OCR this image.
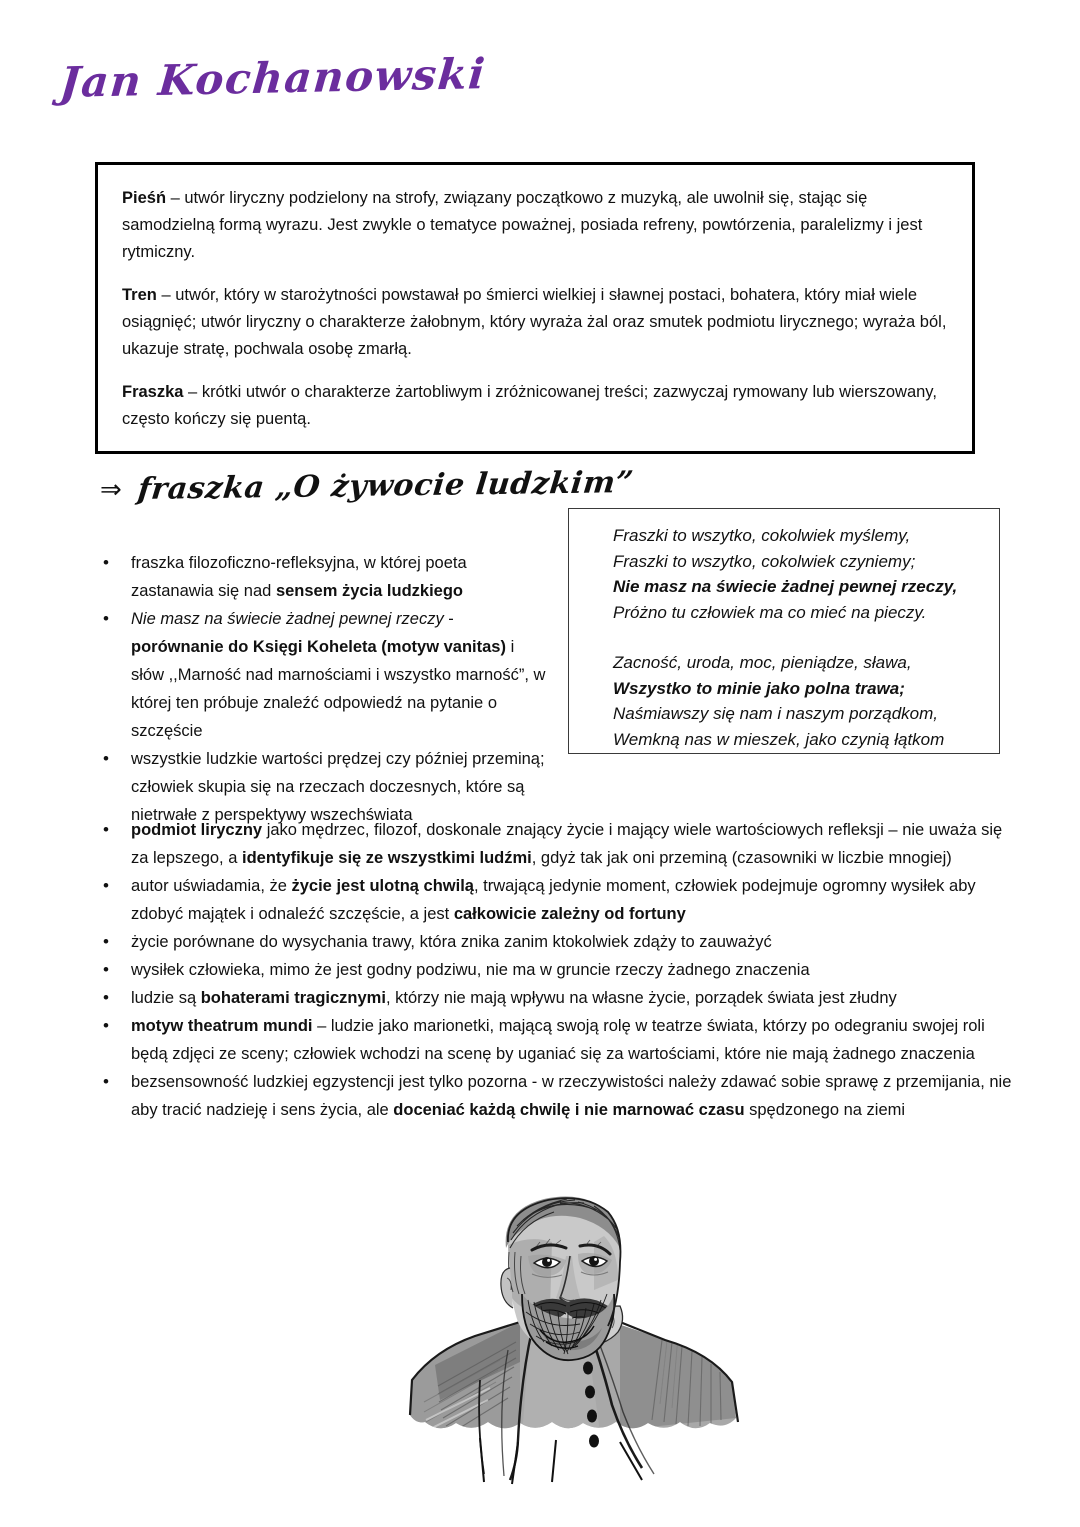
Jan Kochanowski

Pieśń – utwór liryczny podzielony na strofy, związany początkowo z muzyką, ale uwolnił się, stając się samodzielną formą wyrazu. Jest zwykle o tematyce poważnej, posiada refreny, powtórzenia, paralelizmy i jest rytmiczny.

Tren – utwór, który w starożytności powstawał po śmierci wielkiej i sławnej postaci, bohatera, który miał wiele osiągnięć; utwór liryczny o charakterze żałobnym, który wyraża żal oraz smutek podmiotu lirycznego; wyraża ból, ukazuje stratę, pochwala osobę zmarłą.

Fraszka – krótki utwór o charakterze żartobliwym i zróżnicowanej treści; zazwyczaj rymowany lub wierszowany, często kończy się puentą.

⇒ fraszka „O żywocie ludzkim”
Fraszki to wszytko, cokolwiek myślemy,
Fraszki to wszytko, cokolwiek czyniemy;
Nie masz na świecie żadnej pewnej rzeczy,
Próżno tu człowiek ma co mieć na pieczy.
Zacność, uroda, moc, pieniądze, sława,
Wszystko to minie jako polna trawa;
Naśmiawszy się nam i naszym porządkom,
Wemkną nas w mieszek, jako czynią łątkom
• fraszka filozoficzno-refleksyjna, w której poeta zastanawia się nad sensem życia ludzkiego
• Nie masz na świecie żadnej pewnej rzeczy - porównanie do Księgi Koheleta (motyw vanitas) i słów ,,Marność nad marnościami i wszystko marność”, w której ten próbuje znaleźć odpowiedź na pytanie o szczęście
• wszystkie ludzkie wartości prędzej czy później przeminą; człowiek skupia się na rzeczach doczesnych, które są nietrwałe z perspektywy wszechświata
• podmiot liryczny jako mędrzec, filozof, doskonale znający życie i mający wiele wartościowych refleksji – nie uważa się za lepszego, a identyfikuje się ze wszystkimi ludźmi, gdyż tak jak oni przeminą (czasowniki w liczbie mnogiej)
• autor uświadamia, że życie jest ulotną chwilą, trwającą jedynie moment, człowiek podejmuje ogromny wysiłek aby zdobyć majątek i odnaleźć szczęście, a jest całkowicie zależny od fortuny
• życie porównane do wysychania trawy, która znika zanim ktokolwiek zdąży to zauważyć
• wysiłek człowieka, mimo że jest godny podziwu, nie ma w gruncie rzeczy żadnego znaczenia
• ludzie są bohaterami tragicznymi, którzy nie mają wpływu na własne życie, porządek świata jest złudny
• motyw theatrum mundi – ludzie jako marionetki, mającą swoją rolę w teatrze świata, którzy po odegraniu swojej roli będą zdjęci ze sceny; człowiek wchodzi na scenę by uganiać się za wartościami, które nie mają żadnego znaczenia
• bezsensowność ludzkiej egzystencji jest tylko pozorna - w rzeczywistości należy zdawać sobie sprawę z przemijania, nie aby tracić nadzieję i sens życia, ale doceniać każdą chwilę i nie marnować czasu spędzonego na ziemi
